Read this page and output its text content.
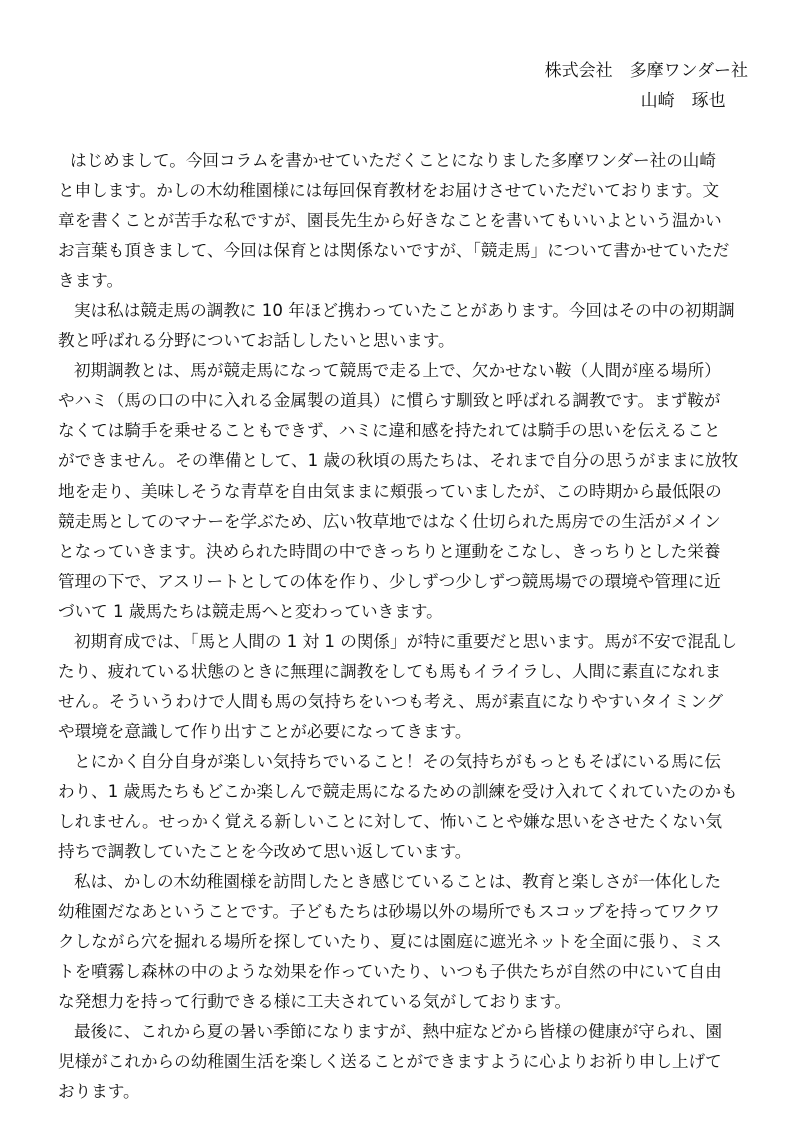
株式会社　多摩ワンダー社
山崎　琢也
はじめまして。今回コラムを書かせていただくことになりました多摩ワンダー社の山崎
と申します。かしの木幼稚園様には毎回保育教材をお届けさせていただいております。文
章を書くことが苦手な私ですが、園長先生から好きなことを書いてもいいよという温かい
お言葉も頂きまして、今回は保育とは関係ないですが、「競走馬」について書かせていただ
きます。
実は私は競走馬の調教に 10 年ほど携わっていたことがあります。今回はその中の初期調
教と呼ばれる分野についてお話ししたいと思います。
初期調教とは、馬が競走馬になって競馬で走る上で、欠かせない鞍（人間が座る場所）
やハミ（馬の口の中に入れる金属製の道具）に慣らす馴致と呼ばれる調教です。まず鞍が
なくては騎手を乗せることもできず、ハミに違和感を持たれては騎手の思いを伝えること
ができません。その準備として、1 歳の秋頃の馬たちは、それまで自分の思うがままに放牧
地を走り、美味しそうな青草を自由気ままに頬張っていましたが、この時期から最低限の
競走馬としてのマナーを学ぶため、広い牧草地ではなく仕切られた馬房での生活がメイン
となっていきます。決められた時間の中できっちりと運動をこなし、きっちりとした栄養
管理の下で、アスリートとしての体を作り、少しずつ少しずつ競馬場での環境や管理に近
づいて 1 歳馬たちは競走馬へと変わっていきます。
初期育成では、「馬と人間の 1 対 1 の関係」が特に重要だと思います。馬が不安で混乱し
たり、疲れている状態のときに無理に調教をしても馬もイライラし、人間に素直になれま
せん。そういうわけで人間も馬の気持ちをいつも考え、馬が素直になりやすいタイミング
や環境を意識して作り出すことが必要になってきます。
とにかく自分自身が楽しい気持ちでいること！その気持ちがもっともそばにいる馬に伝
わり、1 歳馬たちもどこか楽しんで競走馬になるための訓練を受け入れてくれていたのかも
しれません。せっかく覚える新しいことに対して、怖いことや嫌な思いをさせたくない気
持ちで調教していたことを今改めて思い返しています。
私は、かしの木幼稚園様を訪問したとき感じていることは、教育と楽しさが一体化した
幼稚園だなあということです。子どもたちは砂場以外の場所でもスコップを持ってワクワ
クしながら穴を掘れる場所を探していたり、夏には園庭に遮光ネットを全面に張り、ミス
トを噴霧し森林の中のような効果を作っていたり、いつも子供たちが自然の中にいて自由
な発想力を持って行動できる様に工夫されている気がしております。
最後に、これから夏の暑い季節になりますが、熱中症などから皆様の健康が守られ、園
児様がこれからの幼稚園生活を楽しく送ることができますように心よりお祈り申し上げて
おります。
